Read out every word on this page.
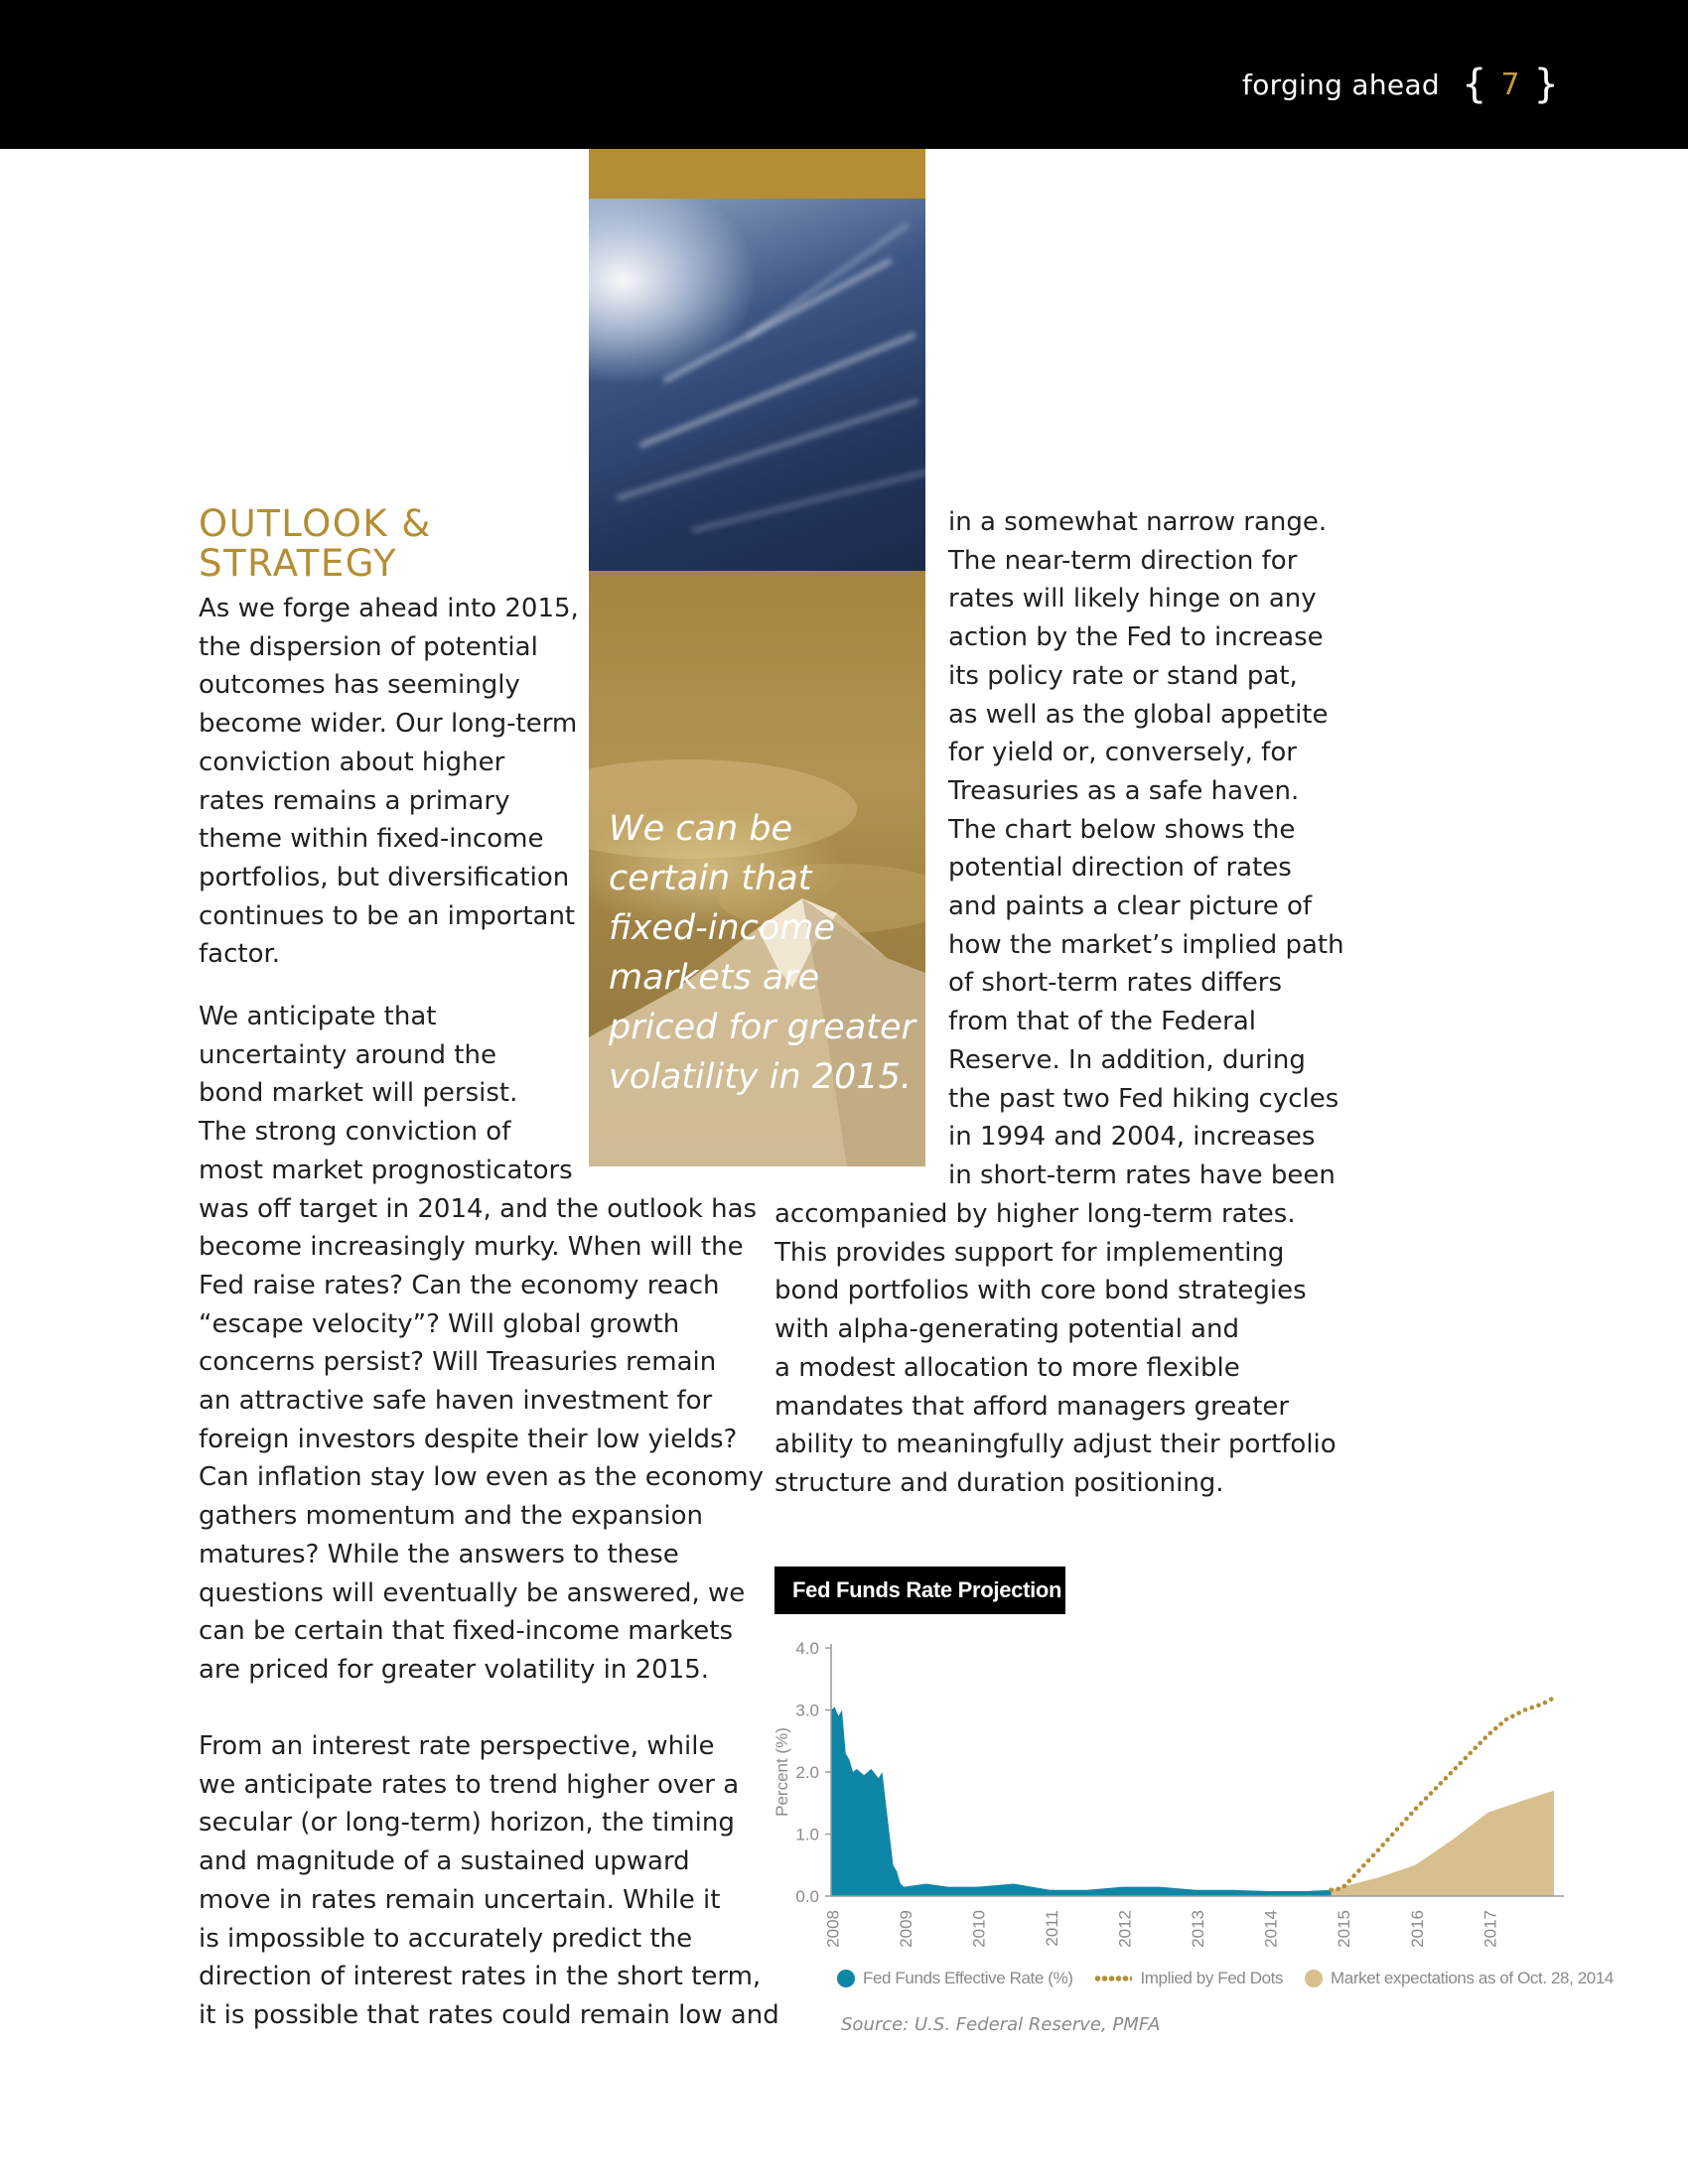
forging ahead { 7 }
We can be certain that fixed-income markets are priced for greater volatility in 2015.
OUTLOOK & STRATEGY
As we forge ahead into 2015,
the dispersion of potential
outcomes has seemingly
become wider. Our long-term
conviction about higher
rates remains a primary
theme within fixed-income
portfolios, but diversification
continues to be an important
factor.
We anticipate that
uncertainty around the
bond market will persist.
The strong conviction of
most market prognosticators
was off target in 2014, and the outlook has
become increasingly murky. When will the
Fed raise rates? Can the economy reach
“escape velocity”? Will global growth
concerns persist? Will Treasuries remain
an attractive safe haven investment for
foreign investors despite their low yields?
Can inflation stay low even as the economy
gathers momentum and the expansion
matures? While the answers to these
questions will eventually be answered, we
can be certain that fixed-income markets
are priced for greater volatility in 2015.
From an interest rate perspective, while
we anticipate rates to trend higher over a
secular (or long-term) horizon, the timing
and magnitude of a sustained upward
move in rates remain uncertain. While it
is impossible to accurately predict the
direction of interest rates in the short term,
it is possible that rates could remain low and
in a somewhat narrow range.
The near-term direction for
rates will likely hinge on any
action by the Fed to increase
its policy rate or stand pat,
as well as the global appetite
for yield or, conversely, for
Treasuries as a safe haven.
The chart below shows the
potential direction of rates
and paints a clear picture of
how the market’s implied path
of short-term rates differs
from that of the Federal
Reserve. In addition, during
the past two Fed hiking cycles
in 1994 and 2004, increases
in short-term rates have been
accompanied by higher long-term rates.
This provides support for implementing
bond portfolios with core bond strategies
with alpha-generating potential and
a modest allocation to more flexible
mandates that afford managers greater
ability to meaningfully adjust their portfolio
structure and duration positioning.
Fed Funds Rate Projection
0.0
1.0
2.0
3.0
4.0
2008	2009	2010	2011	2012	2013	2014	2015	2016	2017
Percent (%)
Fed Funds Effective Rate (%)	Implied by Fed Dots	Market expectations as of Oct. 28, 2014
Source: U.S. Federal Reserve, PMFA
